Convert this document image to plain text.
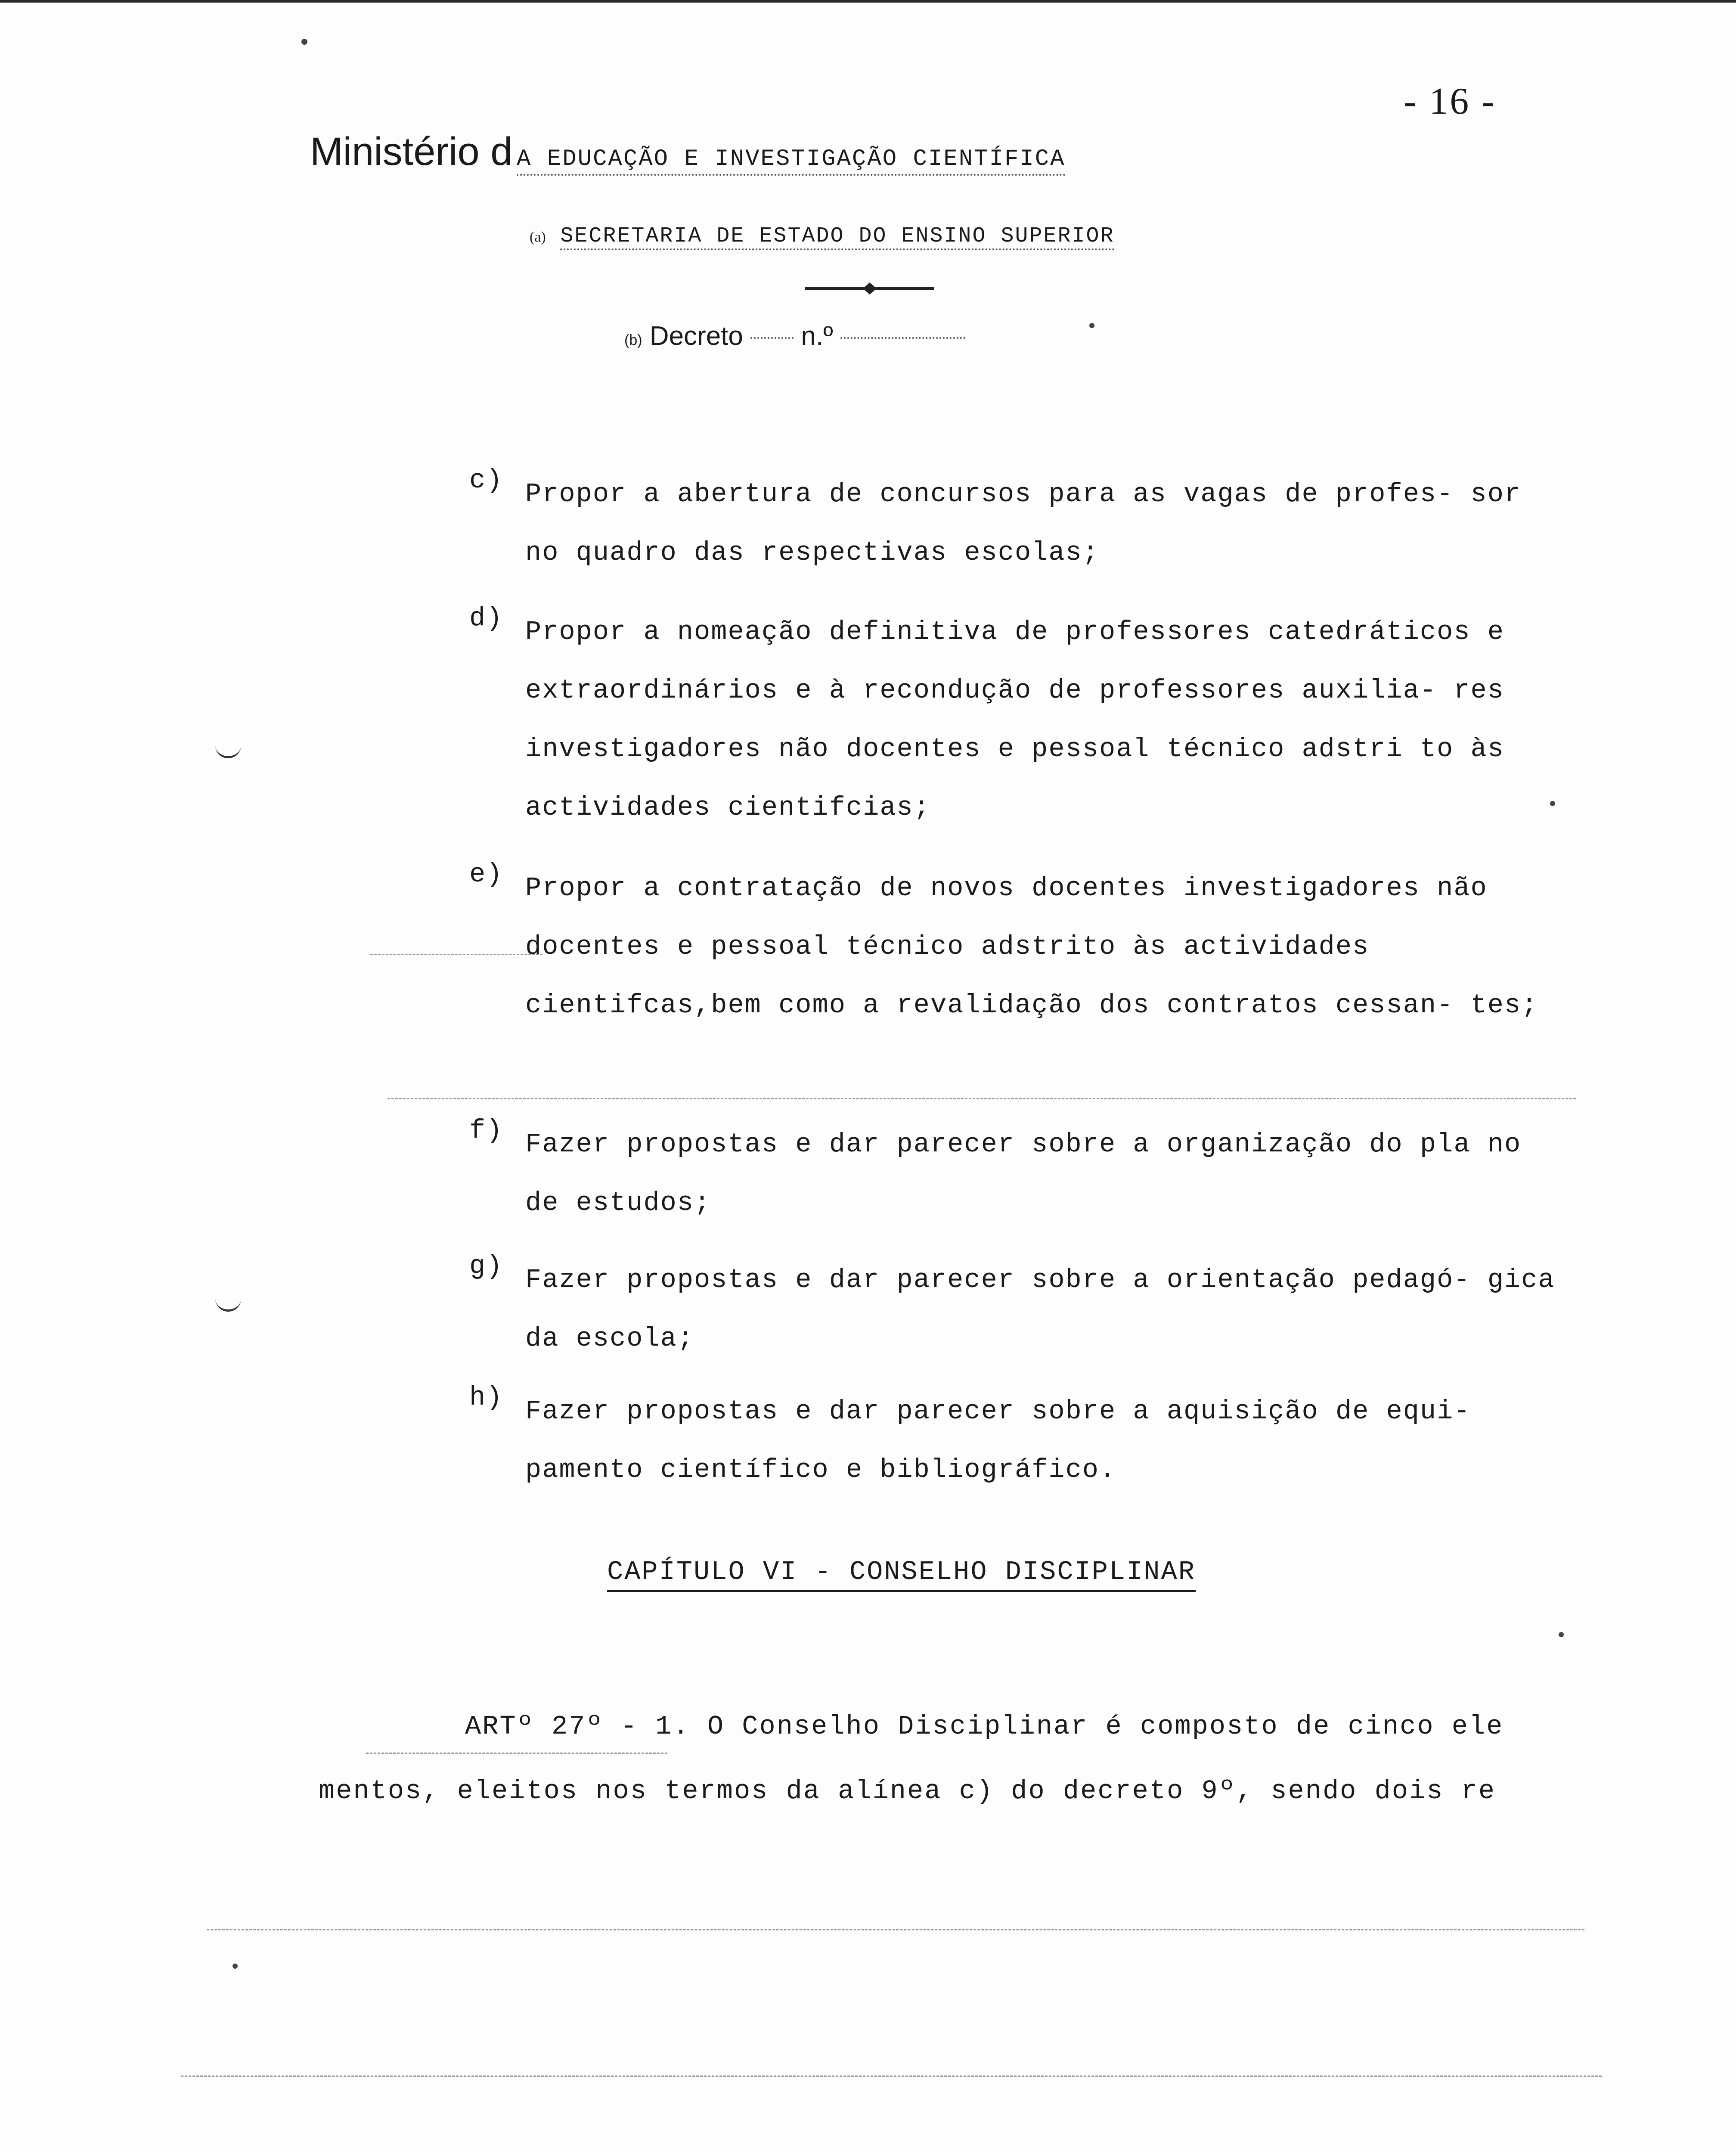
- 16 -
Ministério d A EDUCAÇÃO E INVESTIGAÇÃO CIENTÍFICA
(a) SECRETARIA DE ESTADO DO ENSINO SUPERIOR
(b) Decreto n.º
c) Propor a abertura de concursos para as vagas de profes- sor no quadro das respectivas escolas;
d) Propor a nomeação definitiva de professores catedráticos e extraordinários e à recondução de professores auxilia- res investigadores não docentes e pessoal técnico adstri to às actividades cientifcias;
e) Propor a contratação de novos docentes investigadores não docentes e pessoal técnico adstrito às actividades cientifcas,bem como a revalidação dos contratos cessan- tes;
f) Fazer propostas e dar parecer sobre a organização do pla no de estudos;
g) Fazer propostas e dar parecer sobre a orientação pedagó- gica da escola;
h) Fazer propostas e dar parecer sobre a aquisição de equi- pamento científico e bibliográfico.
CAPÍTULO VI - CONSELHO DISCIPLINAR
ARTº 27º - 1. O Conselho Disciplinar é composto de cinco ele mentos, eleitos nos termos da alínea c) do decreto 9º, sendo dois re
